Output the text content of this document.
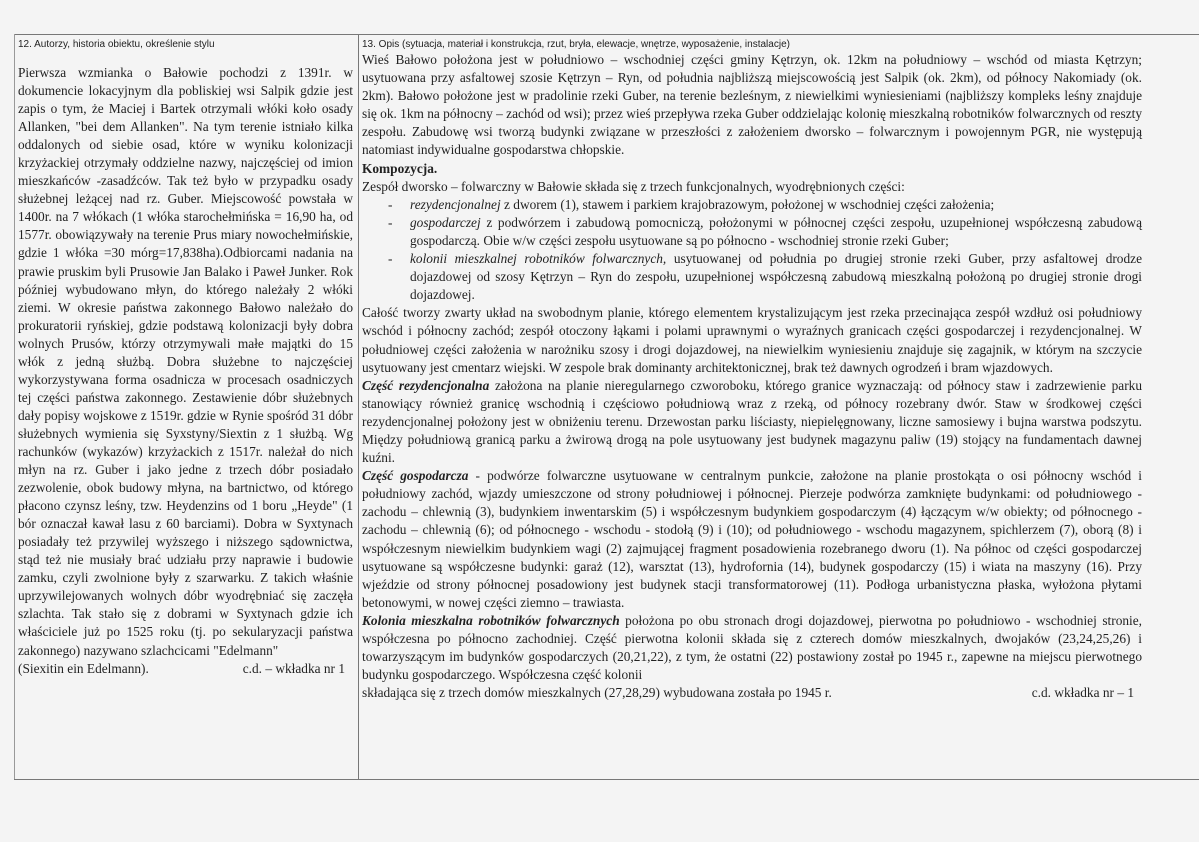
12. Autorzy, historia obiektu, określenie stylu	13. Opis (sytuacja, materiał i konstrukcja, rzut, bryła, elewacje, wnętrze, wyposażenie, instalacje)

Pierwsza wzmianka o Bałowie pochodzi z 1391r. w dokumencie lokacyjnym dla pobliskiej wsi Salpik gdzie jest zapis o tym, że Maciej i Bartek otrzymali włóki koło osady Allanken, "bei dem Allanken". Na tym terenie istniało kilka oddalonych od siebie osad, które w wyniku kolonizacji krzyżackiej otrzymały oddzielne nazwy, najczęściej od imion mieszkańców -zasadźców. Tak też było w przypadku osady służebnej leżącej nad rz. Guber. Miejscowość powstała w 1400r. na 7 włókach (1 włóka starochełmińska = 16,90 ha, od 1577r. obowiązywały na terenie Prus miary nowochełmińskie, gdzie 1 włóka =30 mórg=17,838ha).Odbiorcami nadania na prawie pruskim byli Prusowie Jan Balako i Paweł Junker. Rok później wybudowano młyn, do którego należały 2 włóki ziemi. W okresie państwa zakonnego Bałowo należało do prokuratorii ryńskiej, gdzie podstawą kolonizacji były dobra wolnych Prusów, którzy otrzymywali małe majątki do 15 włók z jedną służbą. Dobra służebne to najczęściej wykorzystywana forma osadnicza w procesach osadniczych tej części państwa zakonnego. Zestawienie dóbr służebnych dały popisy wojskowe z 1519r. gdzie w Rynie spośród 31 dóbr służebnych wymienia się Syxstyny/Siextin z 1 służbą. Wg rachunków (wykazów) krzyżackich z 1517r. należał do nich młyn na rz. Guber i jako jedne z trzech dóbr posiadało zezwolenie, obok budowy młyna, na bartnictwo, od którego płacono czynsz leśny, tzw. Heydenzins od 1 boru „Heyde" (1 bór oznaczał kawał lasu z 60 barciami). Dobra w Syxtynach posiadały też przywilej wyższego i niższego sądownictwa, stąd też nie musiały brać udziału przy naprawie i budowie zamku, czyli zwolnione były z szarwarku. Z takich właśnie uprzywilejowanych wolnych dóbr wyodrębniać się zaczęła szlachta. Tak stało się z dobrami w Syxtynach gdzie ich właściciele już po 1525 roku (tj. po sekularyzacji państwa zakonnego) nazywano szlachcicami "Edelmann"

(Siexitin ein Edelmann).	c.d. – wkładka nr 1

Wieś Bałowo położona jest w południowo – wschodniej części gminy Kętrzyn, ok. 12km na południowy – wschód od miasta Kętrzyn; usytuowana przy asfaltowej szosie Kętrzyn – Ryn, od południa najbliższą miejscowością jest Salpik (ok. 2km), od północy Nakomiady (ok. 2km). Bałowo położone jest w pradolinie rzeki Guber, na terenie bezleśnym, z niewielkimi wyniesieniami (najbliższy kompleks leśny znajduje się ok. 1km na północny – zachód od wsi); przez wieś przepływa rzeka Guber oddzielając kolonię mieszkalną robotników folwarcznych od reszty zespołu. Zabudowę wsi tworzą budynki związane w przeszłości z założeniem dworsko – folwarcznym i powojennym PGR, nie występują natomiast indywidualne gospodarstwa chłopskie.

Kompozycja.

Zespół dworsko – folwarczny w Bałowie składa się z trzech funkcjonalnych, wyodrębnionych części:

- rezydencjonalnej z dworem (1), stawem i parkiem krajobrazowym, położonej w wschodniej części założenia;
- gospodarczej z podwórzem i zabudową pomocniczą, położonymi w północnej części zespołu, uzupełnionej współczesną zabudową gospodarczą. Obie w/w części zespołu usytuowane są po północno - wschodniej stronie rzeki Guber;
- kolonii mieszkalnej robotników folwarcznych, usytuowanej od południa po drugiej stronie rzeki Guber, przy asfaltowej drodze dojazdowej od szosy Kętrzyn – Ryn do zespołu, uzupełnionej współczesną zabudową mieszkalną położoną po drugiej stronie drogi dojazdowej.

Całość tworzy zwarty układ na swobodnym planie, którego elementem krystalizującym jest rzeka przecinająca zespół wzdłuż osi południowy wschód i północny zachód; zespół otoczony łąkami i polami uprawnymi o wyraźnych granicach części gospodarczej i rezydencjonalnej. W południowej części założenia w narożniku szosy i drogi dojazdowej, na niewielkim wyniesieniu znajduje się zagajnik, w którym na szczycie usytuowany jest cmentarz wiejski. W zespole brak dominanty architektonicznej, brak też dawnych ogrodzeń i bram wjazdowych.

Część rezydencjonalna założona na planie nieregularnego czworoboku, którego granice wyznaczają: od północy staw i zadrzewienie parku stanowiący również granicę wschodnią i częściowo południową wraz z rzeką, od północy rozebrany dwór. Staw w środkowej części rezydencjonalnej położony jest w obniżeniu terenu. Drzewostan parku liściasty, niepielęgnowany, liczne samosiewy i bujna warstwa podszytu. Między południową granicą parku a żwirową drogą na pole usytuowany jest budynek magazynu paliw (19) stojący na fundamentach dawnej kuźni.

Część gospodarcza - podwórze folwarczne usytuowane w centralnym punkcie, założone na planie prostokąta o osi północny wschód i południowy zachód, wjazdy umieszczone od strony południowej i północnej. Pierzeje podwórza zamknięte budynkami: od południowego - zachodu – chlewnią (3), budynkiem inwentarskim (5) i współczesnym budynkiem gospodarczym (4) łączącym w/w obiekty; od północnego - zachodu – chlewnią (6); od północnego - wschodu - stodołą (9) i (10); od południowego - wschodu magazynem, spichlerzem (7), oborą (8) i współczesnym niewielkim budynkiem wagi (2) zajmującej fragment posadowienia rozebranego dworu (1). Na północ od części gospodarczej usytuowane są współczesne budynki: garaż (12), warsztat (13), hydrofornia (14), budynek gospodarczy (15) i wiata na maszyny (16). Przy wjeździe od strony północnej posadowiony jest budynek stacji transformatorowej (11). Podłoga urbanistyczna płaska, wyłożona płytami betonowymi, w nowej części ziemno – trawiasta.

Kolonia mieszkalna robotników folwarcznych położona po obu stronach drogi dojazdowej, pierwotna po południowo - wschodniej stronie, współczesna po północno zachodniej. Część pierwotna kolonii składa się z czterech domów mieszkalnych, dwojaków (23,24,25,26) i towarzyszącym im budynków gospodarczych (20,21,22), z tym, że ostatni (22) postawiony został po 1945 r., zapewne na miejscu pierwotnego budynku gospodarczego. Współczesna część kolonii

składająca się z trzech domów mieszkalnych (27,28,29) wybudowana została po 1945 r.	c.d. wkładka nr – 1
